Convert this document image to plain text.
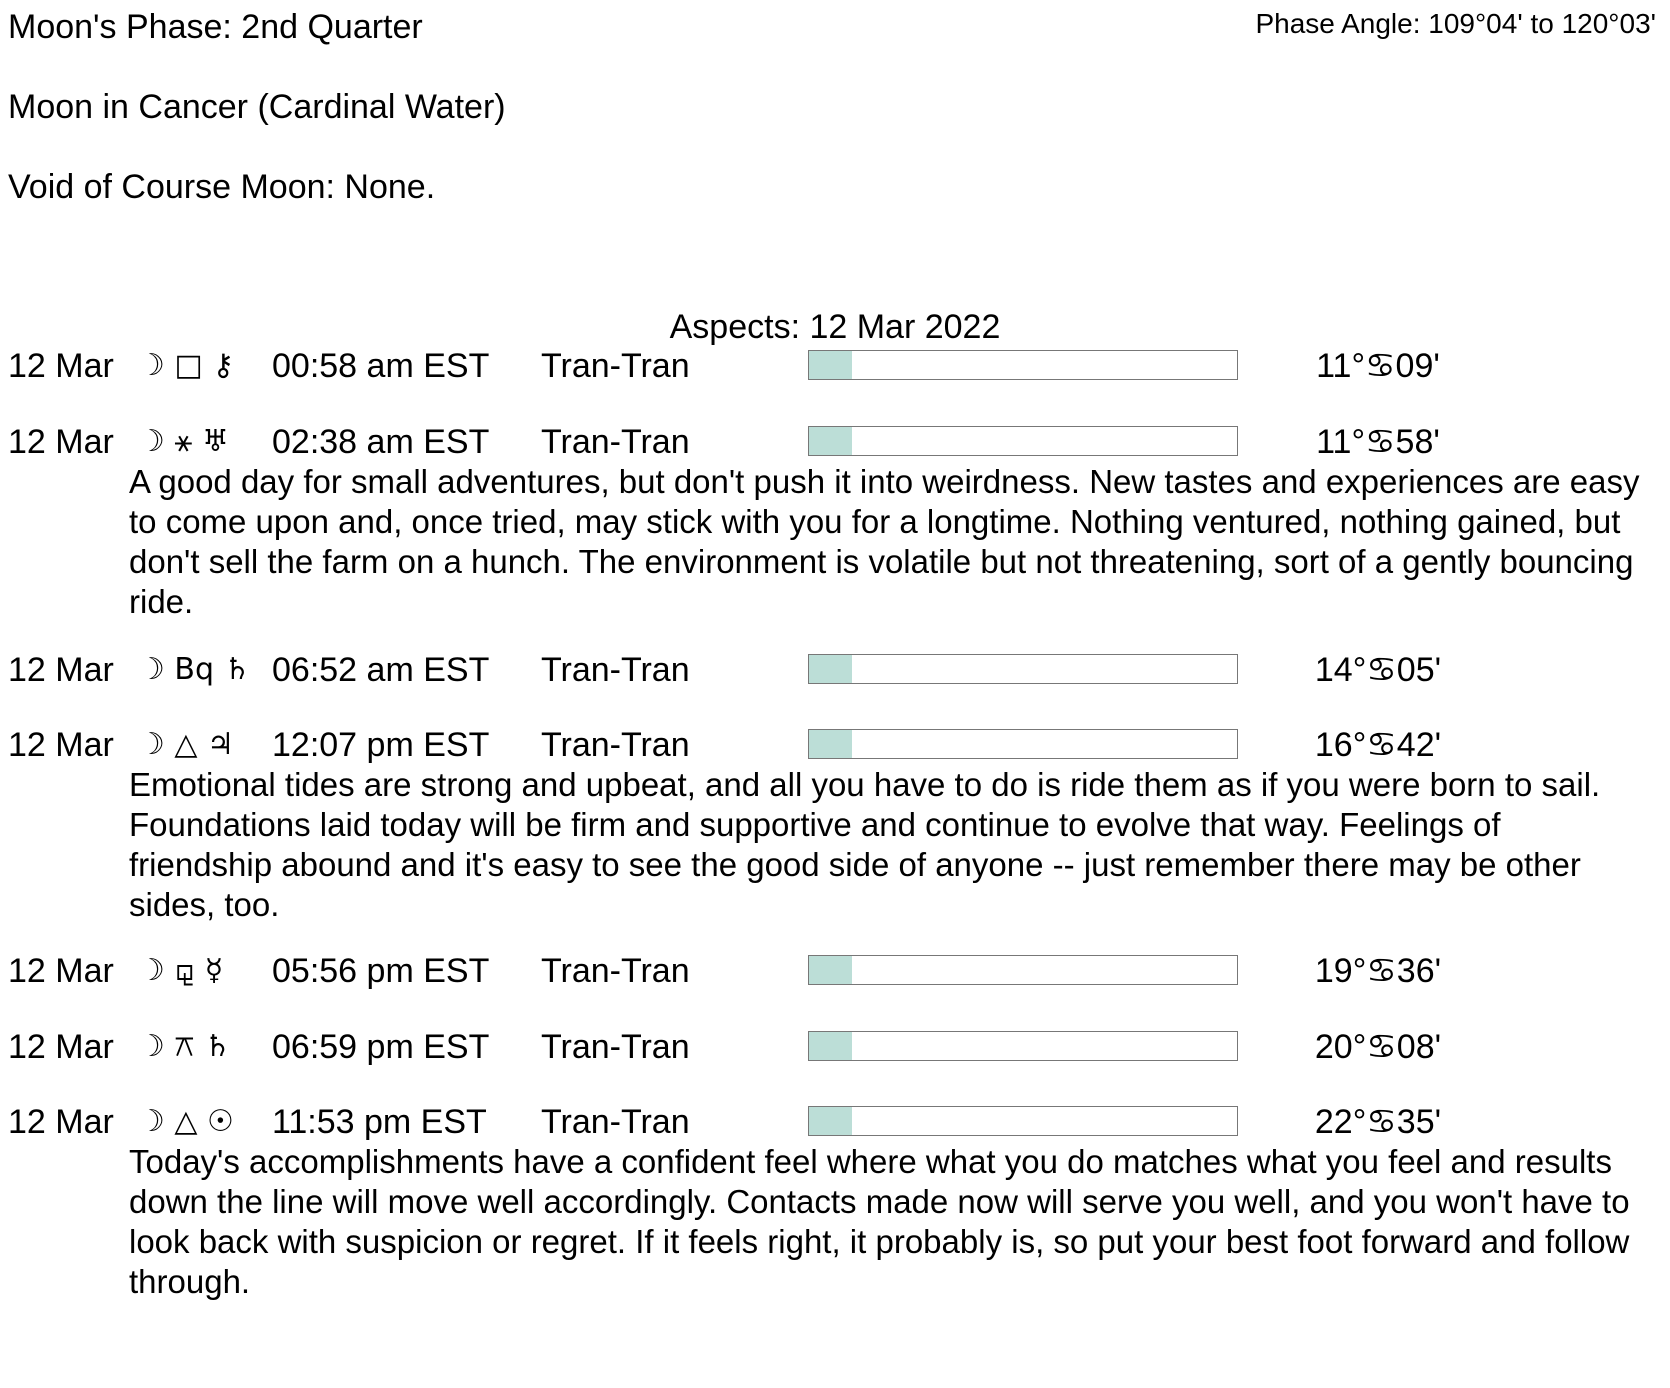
Moon's Phase: 2nd Quarter	Phase Angle: 109°04' to 120°03'
Moon in Cancer (Cardinal Water)
Void of Course Moon: None.
Aspects: 12 Mar 2022
12 Mar ☽ □ ⚷ 00:58 am EST Tran-Tran	11°♋09'
12 Mar ☽ ⚹ ♅ 02:38 am EST Tran-Tran	11°♋58'

A good day for small adventures, but don't push it into weirdness. New tastes and experiences are easy to come upon and, once tried, may stick with you for a longtime. Nothing ventured, nothing gained, but don't sell the farm on a hunch. The environment is volatile but not threatening, sort of a gently bouncing ride.

12 Mar ☽ Bq ♄ 06:52 am EST Tran-Tran	14°♋05'
12 Mar ☽ △ ♃ 12:07 pm EST Tran-Tran	16°♋42'

Emotional tides are strong and upbeat, and all you have to do is ride them as if you were born to sail. Foundations laid today will be firm and supportive and continue to evolve that way. Feelings of friendship abound and it's easy to see the good side of anyone -- just remember there may be other sides, too.

12 Mar ☽ ⚼ ☿ 05:56 pm EST Tran-Tran	19°♋36'
12 Mar ☽ ⚻ ♄ 06:59 pm EST Tran-Tran	20°♋08'
12 Mar ☽ △ ☉ 11:53 pm EST Tran-Tran	22°♋35'

Today's accomplishments have a confident feel where what you do matches what you feel and results down the line will move well accordingly. Contacts made now will serve you well, and you won't have to look back with suspicion or regret. If it feels right, it probably is, so put your best foot forward and follow through.
